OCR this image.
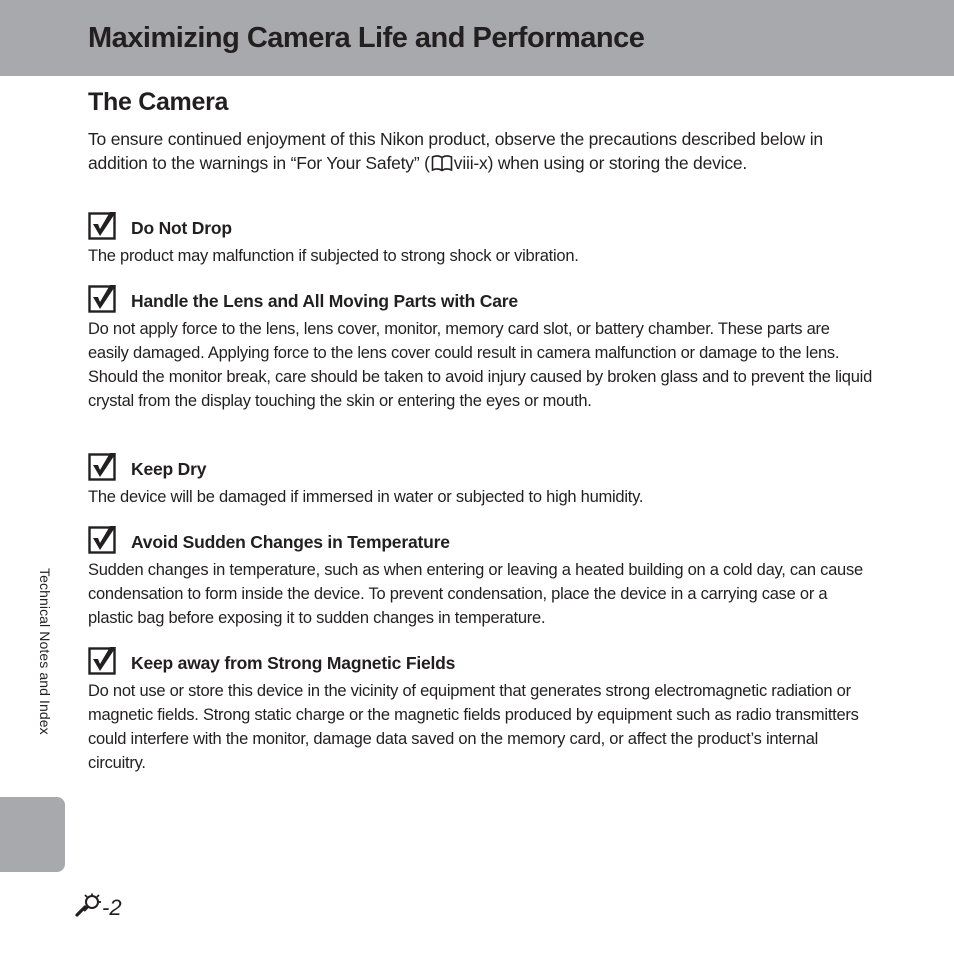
Maximizing Camera Life and Performance
The Camera

To ensure continued enjoyment of this Nikon product, observe the precautions described below in addition to the warnings in “For Your Safety” ( viii-x) when using or storing the device.

Do Not Drop

The product may malfunction if subjected to strong shock or vibration.

Handle the Lens and All Moving Parts with Care

Do not apply force to the lens, lens cover, monitor, memory card slot, or battery chamber. These parts are easily damaged. Applying force to the lens cover could result in camera malfunction or damage to the lens. Should the monitor break, care should be taken to avoid injury caused by broken glass and to prevent the liquid crystal from the display touching the skin or entering the eyes or mouth.

Keep Dry

The device will be damaged if immersed in water or subjected to high humidity.

Avoid Sudden Changes in Temperature

Sudden changes in temperature, such as when entering or leaving a heated building on a cold day, can cause condensation to form inside the device. To prevent condensation, place the device in a carrying case or a plastic bag before exposing it to sudden changes in temperature.

Keep away from Strong Magnetic Fields

Do not use or store this device in the vicinity of equipment that generates strong electromagnetic radiation or magnetic fields. Strong static charge or the magnetic fields produced by equipment such as radio transmitters could interfere with the monitor, damage data saved on the memory card, or affect the product’s internal circuitry.

Technical Notes and Index
-2
